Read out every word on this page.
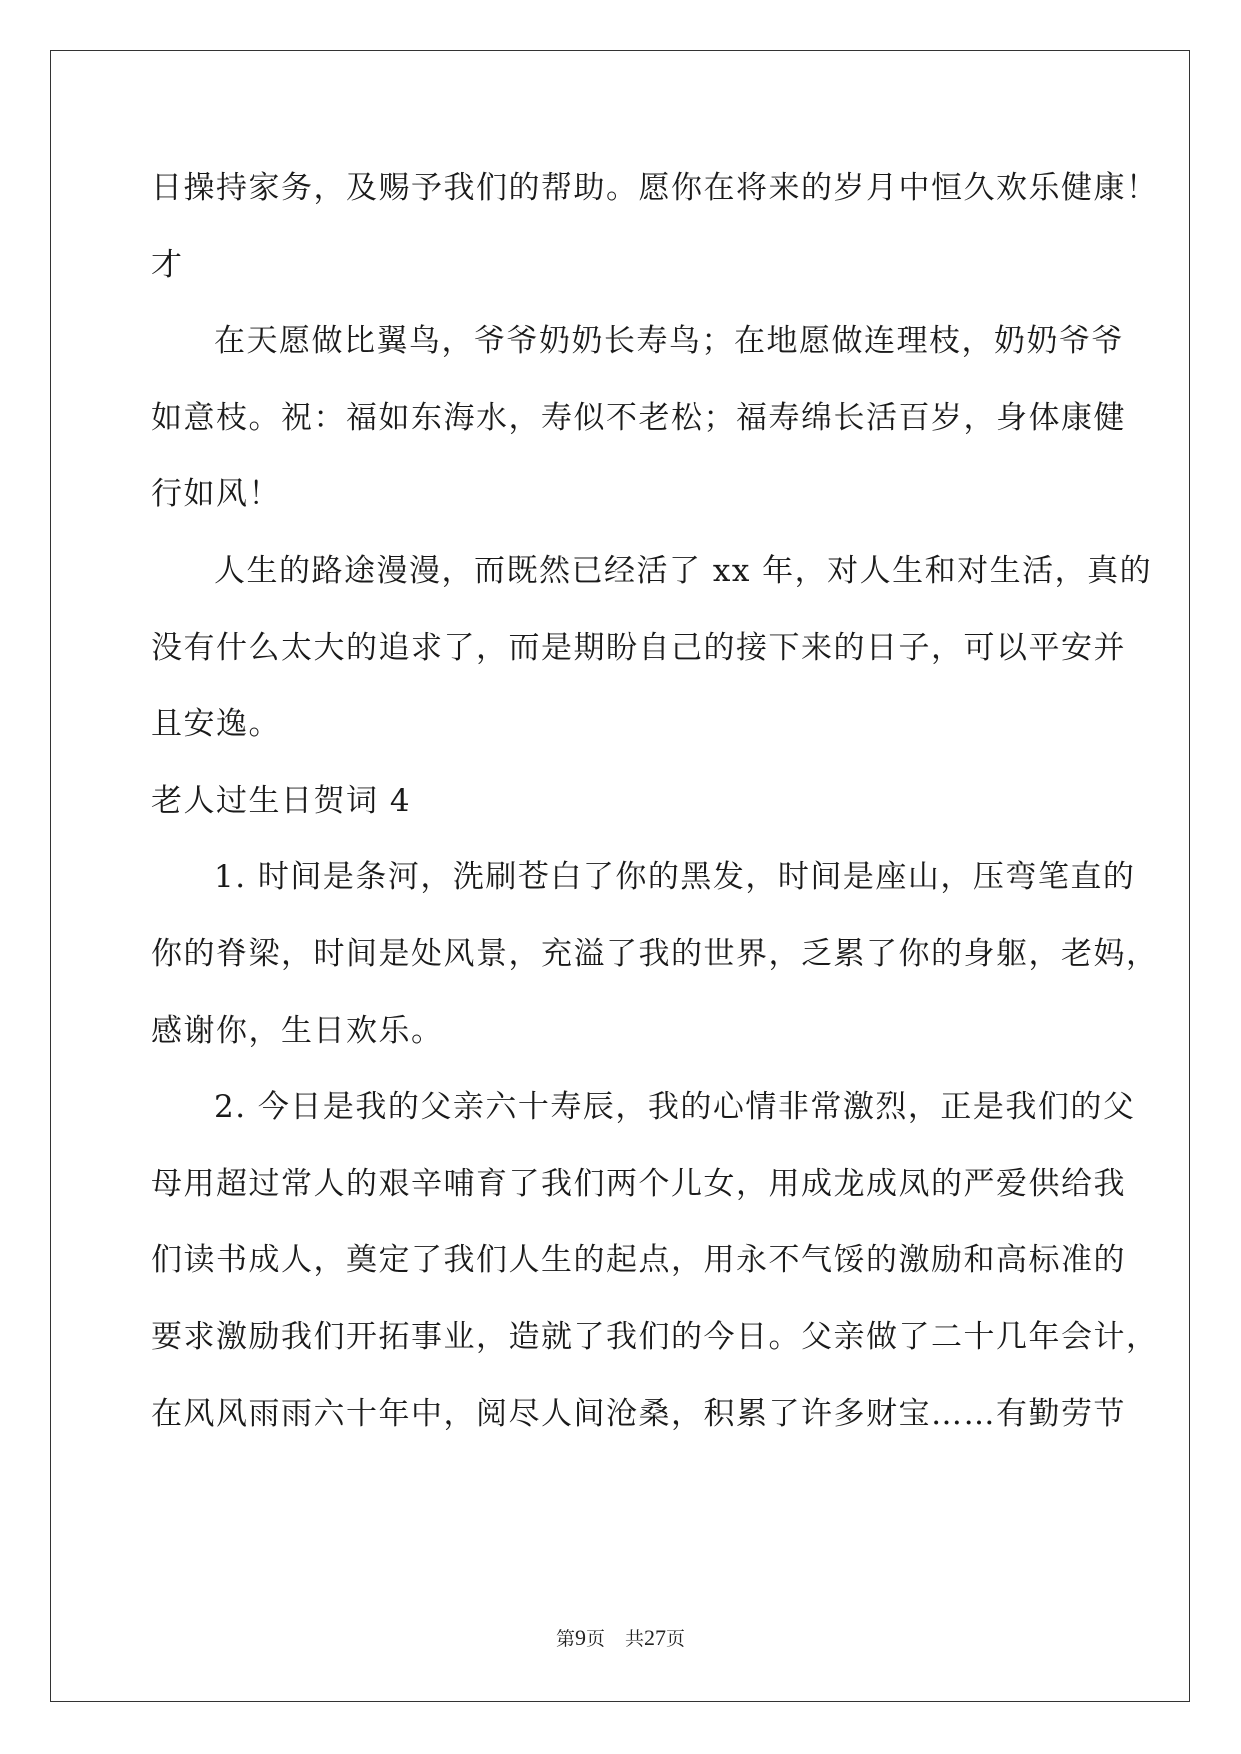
日操持家务，及赐予我们的帮助。愿你在将来的岁月中恒久欢乐健康！
才
在天愿做比翼鸟，爷爷奶奶长寿鸟；在地愿做连理枝，奶奶爷爷
如意枝。祝：福如东海水，寿似不老松；福寿绵长活百岁，身体康健
行如风！
人生的路途漫漫，而既然已经活了 xx 年，对人生和对生活，真的
没有什么太大的追求了，而是期盼自己的接下来的日子，可以平安并
且安逸。
老人过生日贺词 4
1. 时间是条河，洗刷苍白了你的黑发，时间是座山，压弯笔直的
你的脊梁，时间是处风景，充溢了我的世界，乏累了你的身躯，老妈，
感谢你，生日欢乐。
2. 今日是我的父亲六十寿辰，我的心情非常激烈，正是我们的父
母用超过常人的艰辛哺育了我们两个儿女，用成龙成凤的严爱供给我
们读书成人，奠定了我们人生的起点，用永不气馁的激励和高标准的
要求激励我们开拓事业，造就了我们的今日。父亲做了二十几年会计，
在风风雨雨六十年中，阅尽人间沧桑，积累了许多财宝……有勤劳节
第9页 共27页
